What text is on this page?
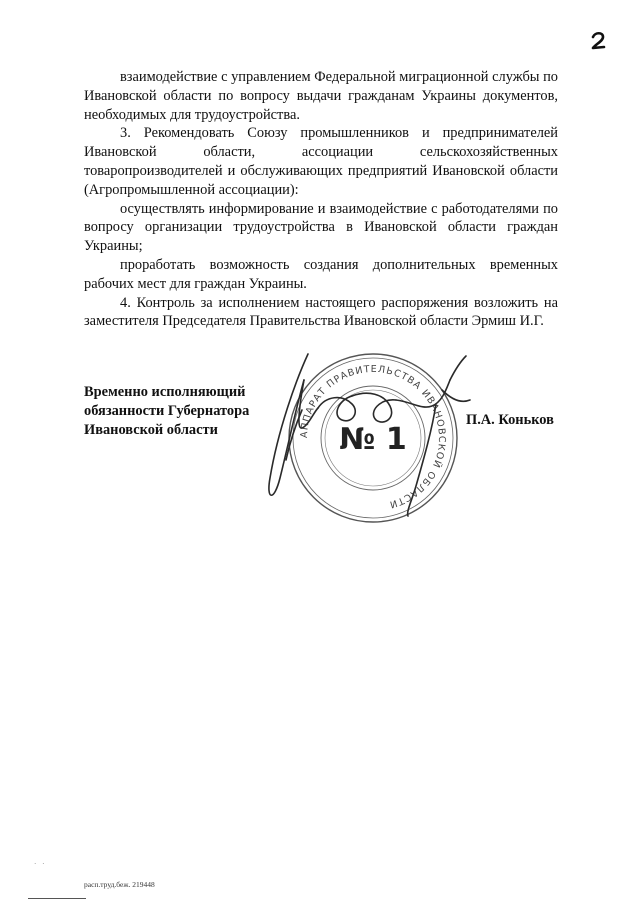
взаимодействие с управлением Федеральной миграционной службы по Ивановской области по вопросу выдачи гражданам Украины документов, необходимых для трудоустройства.

3. Рекомендовать Союзу промышленников и предпринимателей Ивановской области, ассоциации сельскохозяйственных товаропроизводителей и обслуживающих предприятий Ивановской области (Агропромышленной ассоциации):

осуществлять информирование и взаимодействие с работодателями по вопросу организации трудоустройства в Ивановской области граждан Украины;

проработать возможность создания дополнительных временных рабочих мест для граждан Украины.

4. Контроль за исполнением настоящего распоряжения возложить на заместителя Председателя Правительства Ивановской области Эрмиш И.Г.

Временно исполняющий
обязанности Губернатора
Ивановской области	АППАРАТ ПРАВИТЕЛЬСТВА ИВАНОВСКОЙ ОБЛАСТИ
№ 1
П.А. Коньков
· ·
расп.труд.беж. 219448
